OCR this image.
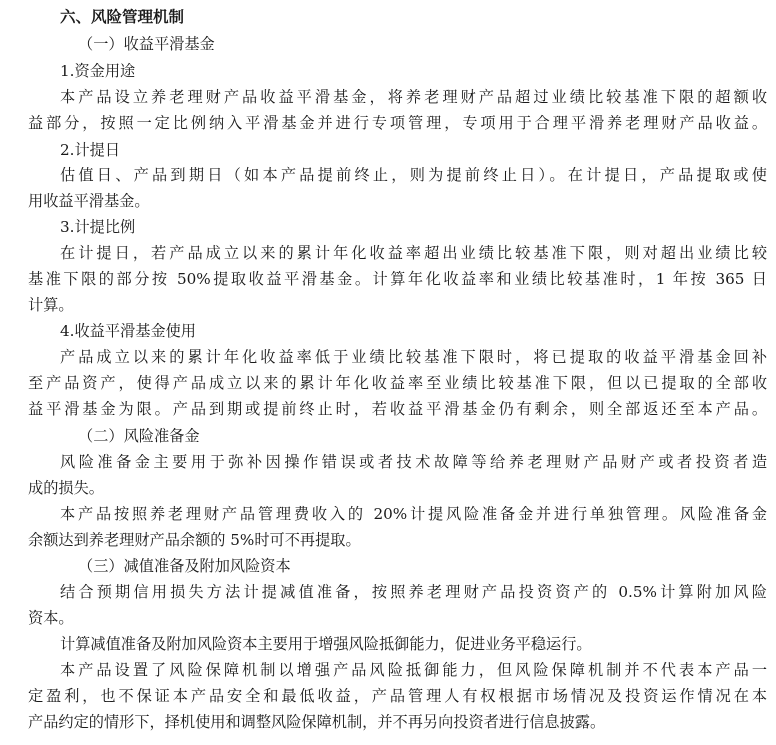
六、风险管理机制
（一）收益平滑基金
1.资金用途
本产品设立养老理财产品收益平滑基金，将养老理财产品超过业绩比较基准下限的超额收
益部分，按照一定比例纳入平滑基金并进行专项管理，专项用于合理平滑养老理财产品收益。
2.计提日
估值日、产品到期日（如本产品提前终止，则为提前终止日）。在计提日，产品提取或使
用收益平滑基金。
3.计提比例
在计提日，若产品成立以来的累计年化收益率超出业绩比较基准下限，则对超出业绩比较
基准下限的部分按 50%提取收益平滑基金。计算年化收益率和业绩比较基准时，1 年按 365 日
计算。
4.收益平滑基金使用
产品成立以来的累计年化收益率低于业绩比较基准下限时，将已提取的收益平滑基金回补
至产品资产，使得产品成立以来的累计年化收益率至业绩比较基准下限，但以已提取的全部收
益平滑基金为限。产品到期或提前终止时，若收益平滑基金仍有剩余，则全部返还至本产品。
（二）风险准备金
风险准备金主要用于弥补因操作错误或者技术故障等给养老理财产品财产或者投资者造
成的损失。
本产品按照养老理财产品管理费收入的 20%计提风险准备金并进行单独管理。风险准备金
余额达到养老理财产品余额的 5%时可不再提取。
（三）减值准备及附加风险资本
结合预期信用损失方法计提减值准备，按照养老理财产品投资资产的 0.5%计算附加风险
资本。
计算减值准备及附加风险资本主要用于增强风险抵御能力，促进业务平稳运行。
本产品设置了风险保障机制以增强产品风险抵御能力，但风险保障机制并不代表本产品一
定盈利，也不保证本产品安全和最低收益，产品管理人有权根据市场情况及投资运作情况在本
产品约定的情形下，择机使用和调整风险保障机制，并不再另向投资者进行信息披露。
